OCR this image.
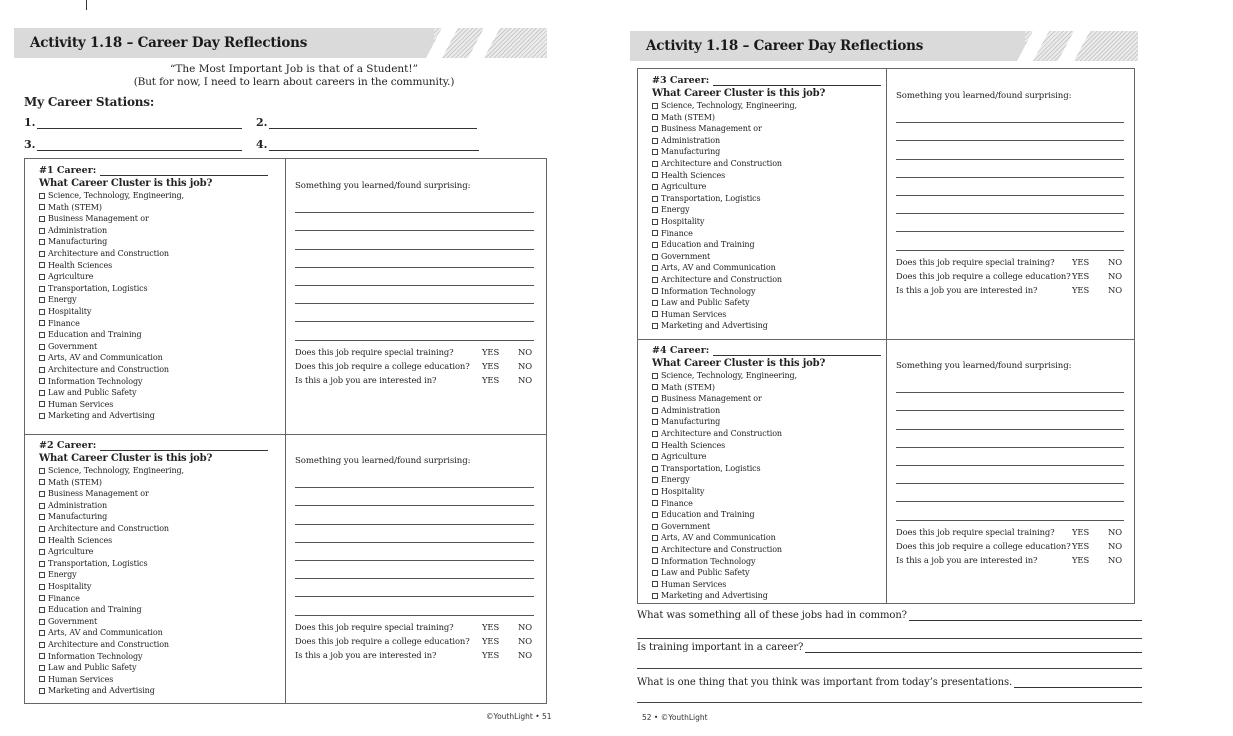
Activity 1.18 – Career Day Reflections
“The Most Important Job is that of a Student!”
(But for now, I need to learn about careers in the community.)
My Career Stations:
1.	2.
3.	4.
#1 Career:
What Career Cluster is this job?
Science, Technology, Engineering,
Math (STEM)
Business Management or
Administration
Manufacturing
Architecture and Construction
Health Sciences
Agriculture
Transportation, Logistics
Energy
Hospitality
Finance
Education and Training
Government
Arts, AV and Communication
Architecture and Construction
Information Technology
Law and Public Safety
Human Services
Marketing and Advertising
Something you learned/found surprising:
Does this job require special training?	YES	NO
Does this job require a college education?	YES	NO
Is this a job you are interested in?	YES	NO
#2 Career:
What Career Cluster is this job?
Science, Technology, Engineering,
Math (STEM)
Business Management or
Administration
Manufacturing
Architecture and Construction
Health Sciences
Agriculture
Transportation, Logistics
Energy
Hospitality
Finance
Education and Training
Government
Arts, AV and Communication
Architecture and Construction
Information Technology
Law and Public Safety
Human Services
Marketing and Advertising
Something you learned/found surprising:
Does this job require special training?	YES	NO
Does this job require a college education?	YES	NO
Is this a job you are interested in?	YES	NO
©YouthLight • 51
Activity 1.18 – Career Day Reflections
#3 Career:
What Career Cluster is this job?
Science, Technology, Engineering,
Math (STEM)
Business Management or
Administration
Manufacturing
Architecture and Construction
Health Sciences
Agriculture
Transportation, Logistics
Energy
Hospitality
Finance
Education and Training
Government
Arts, AV and Communication
Architecture and Construction
Information Technology
Law and Public Safety
Human Services
Marketing and Advertising
Something you learned/found surprising:
Does this job require special training?	YES	NO
Does this job require a college education? YES	NO
Is this a job you are interested in?	YES	NO
#4 Career:
What Career Cluster is this job?
Science, Technology, Engineering,
Math (STEM)
Business Management or
Administration
Manufacturing
Architecture and Construction
Health Sciences
Agriculture
Transportation, Logistics
Energy
Hospitality
Finance
Education and Training
Government
Arts, AV and Communication
Architecture and Construction
Information Technology
Law and Public Safety
Human Services
Marketing and Advertising
Something you learned/found surprising:
Does this job require special training?	YES	NO
Does this job require a college education? YES	NO
Is this a job you are interested in?	YES	NO
What was something all of these jobs had in common?
Is training important in a career?
What is one thing that you think was important from today’s presentations.
52 • ©YouthLight
